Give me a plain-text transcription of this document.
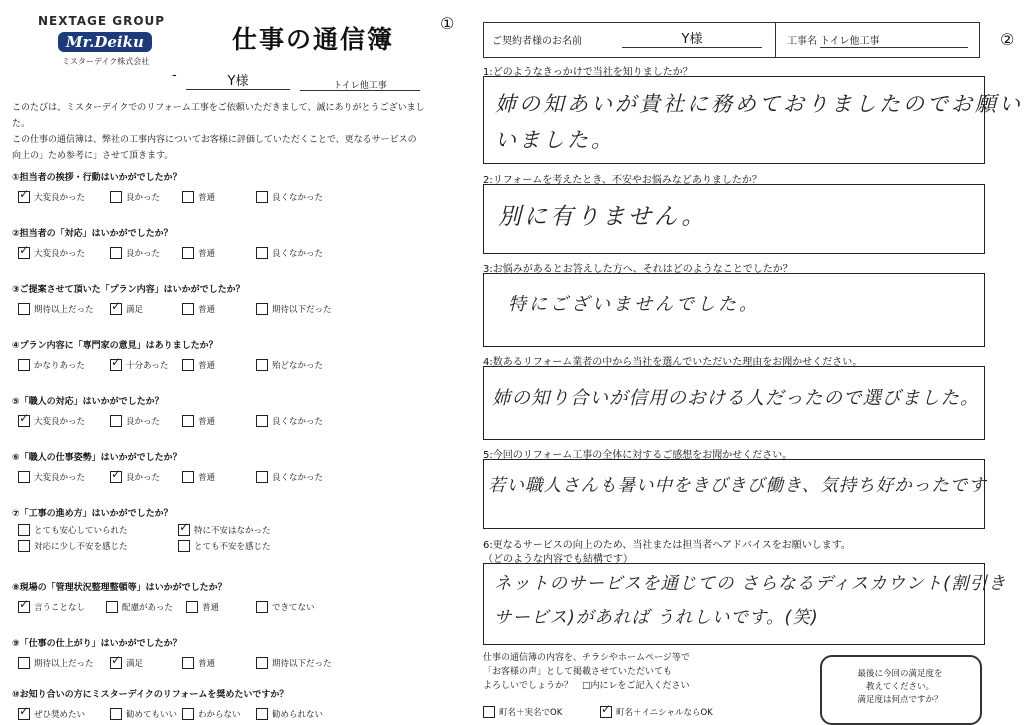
NEXTAGE GROUP
Mr.Deiku
ミスターデイク株式会社
仕事の通信簿
①
-	Y様	トイレ他工事
このたびは、ミスターデイクでのリフォーム工事をご依頼いただきまして、誠にありがとうございました。
この仕事の通信簿は、弊社の工事内容についてお客様に評価していただくことで、更なるサービスの
向上の」ため参考に」させて頂きます。
①担当者の挨拶・行動はいかがでしたか？
✓大変良かった	良かった	普通	良くなかった
②担当者の「対応」はいかがでしたか？
✓大変良かった	良かった	普通	良くなかった
③ご提案させて頂いた「プラン内容」はいかがでしたか？
期待以上だった ✓	満足	普通	期待以下だった
④プラン内容に「専門家の意見」はありましたか？
かなりあった ✓	十分あった	普通	殆どなかった
⑤「職人の対応」はいかがでしたか？
✓大変良かった	良かった	普通	良くなかった
⑥「職人の仕事姿勢」はいかがでしたか？
大変良かった ✓	良かった	普通	良くなかった
⑦「工事の進め方」はいかがでしたか？
とても安心していられた ✓	特に不安はなかった
対応に少し不安を感じた	とても不安を感じた
⑧現場の「管理状況整理整頓等」はいかがでしたか？
✓言うことなし	配慮があった	普通	できてない
⑨「仕事の仕上がり」はいかがでしたか？
期待以上だった ✓	満足	普通	期待以下だった
⑩お知り合いの方にミスターデイクのリフォームを奨めたいですか？
✓ぜひ奨めたい	勧めてもいい	わからない	勧められない
②
ご契約者様のお名前	Y様	工事名 トイレ他工事
1:どのようなきっかけで当社を知りましたか？
姉の知あいが貴社に務めておりましたのでお願い
いました。
2:リフォームを考えたとき、不安やお悩みなどありましたか？
別に有りません。
3:お悩みがあるとお答えした方へ、それはどのようなことでしたか？
特にございませんでした。
4:数あるリフォーム業者の中から当社を選んでいただいた理由をお聞かせください。
姉の知り合いが信用のおける人だったので選びました。
5:今回のリフォーム工事の全体に対するご感想をお聞かせください。
若い職人さんも暑い中をきびきび働き、気持ち好かったです
6:更なるサービスの向上のため、当社または担当者へアドバイスをお願いします。
（どのような内容でも結構です）
ネットのサービスを通じての さらなるディスカウント(割引き
サービス)があれば うれしいです。(笑)
仕事の通信簿の内容を、チラシやホームページ等で
「お客様の声」として掲載させていただいても
よろしいでしょうか？　□内にレをご記入ください
町名＋実名でOK ✓	町名＋イニシャルならOK
最後に今回の満足度を
教えてください。
満足度は何点ですか？
